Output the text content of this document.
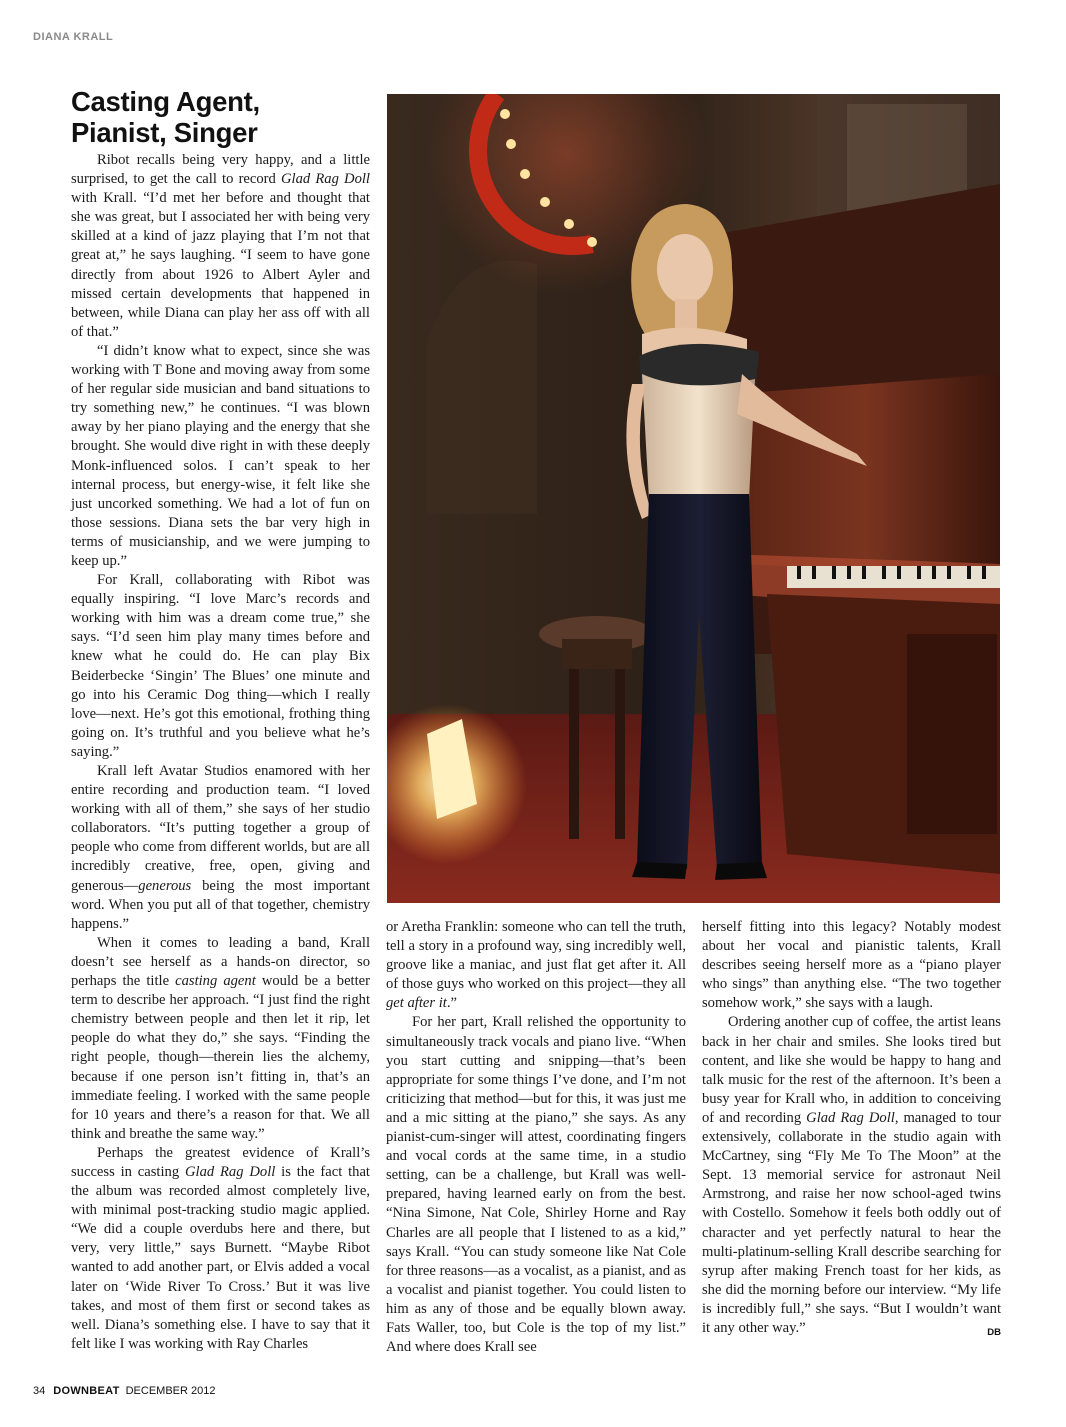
DIANA KRALL
Casting Agent,
Pianist, Singer

Ribot recalls being very happy, and a little surprised, to get the call to record Glad Rag Doll with Krall. “I’d met her before and thought that she was great, but I associated her with being very skilled at a kind of jazz playing that I’m not that great at,” he says laughing. “I seem to have gone directly from about 1926 to Albert Ayler and missed certain developments that happened in between, while Diana can play her ass off with all of that.”

“I didn’t know what to expect, since she was working with T Bone and moving away from some of her regular side musician and band situations to try something new,” he continues. “I was blown away by her piano playing and the energy that she brought. She would dive right in with these deeply Monk-influenced solos. I can’t speak to her internal process, but energy-wise, it felt like she just uncorked something. We had a lot of fun on those sessions. Diana sets the bar very high in terms of musicianship, and we were jumping to keep up.”

For Krall, collaborating with Ribot was equally inspiring. “I love Marc’s records and working with him was a dream come true,” she says. “I’d seen him play many times before and knew what he could do. He can play Bix Beiderbecke ‘Singin’ The Blues’ one minute and go into his Ceramic Dog thing—which I really love—next. He’s got this emotional, frothing thing going on. It’s truthful and you believe what he’s saying.”

Krall left Avatar Studios enamored with her entire recording and production team. “I loved working with all of them,” she says of her studio collaborators. “It’s putting together a group of people who come from different worlds, but are all incredibly creative, free, open, giving and generous—generous being the most important word. When you put all of that together, chemistry happens.”

When it comes to leading a band, Krall doesn’t see herself as a hands-on director, so perhaps the title casting agent would be a better term to describe her approach. “I just find the right chemistry between people and then let it rip, let people do what they do,” she says. “Finding the right people, though—therein lies the alchemy, because if one person isn’t fitting in, that’s an immediate feeling. I worked with the same people for 10 years and there’s a reason for that. We all think and breathe the same way.”

Perhaps the greatest evidence of Krall’s success in casting Glad Rag Doll is the fact that the album was recorded almost completely live, with minimal post-tracking studio magic applied. “We did a couple overdubs here and there, but very, very little,” says Burnett. “Maybe Ribot wanted to add another part, or Elvis added a vocal later on ‘Wide River To Cross.’ But it was live takes, and most of them first or second takes as well. Diana’s something else. I have to say that it felt like I was working with Ray Charles

or Aretha Franklin: someone who can tell the truth, tell a story in a profound way, sing incredibly well, groove like a maniac, and just flat get after it. All of those guys who worked on this project—they all get after it.”

For her part, Krall relished the opportunity to simultaneously track vocals and piano live. “When you start cutting and snipping—that’s been appropriate for some things I’ve done, and I’m not criticizing that method—but for this, it was just me and a mic sitting at the piano,” she says. As any pianist-cum-singer will attest, coordinating fingers and vocal cords at the same time, in a studio setting, can be a challenge, but Krall was well-prepared, having learned early on from the best. “Nina Simone, Nat Cole, Shirley Horne and Ray Charles are all people that I listened to as a kid,” says Krall. “You can study someone like Nat Cole for three reasons—as a vocalist, as a pianist, and as a vocalist and pianist together. You could listen to him as any of those and be equally blown away. Fats Waller, too, but Cole is the top of my list.” And where does Krall see

herself fitting into this legacy? Notably modest about her vocal and pianistic talents, Krall describes seeing herself more as a “piano player who sings” than anything else. “The two together somehow work,” she says with a laugh.

Ordering another cup of coffee, the artist leans back in her chair and smiles. She looks tired but content, and like she would be happy to hang and talk music for the rest of the afternoon. It’s been a busy year for Krall who, in addition to conceiving of and recording Glad Rag Doll, managed to tour extensively, collaborate in the studio again with McCartney, sing “Fly Me To The Moon” at the Sept. 13 memorial service for astronaut Neil Armstrong, and raise her now school-aged twins with Costello. Somehow it feels both oddly out of character and yet perfectly natural to hear the multi-platinum-selling Krall describe searching for syrup after making French toast for her kids, as she did the morning before our interview. “My life is incredibly full,” she says. “But I wouldn’t want it any other way.”	DB

34 DOWNBEAT DECEMBER 2012
